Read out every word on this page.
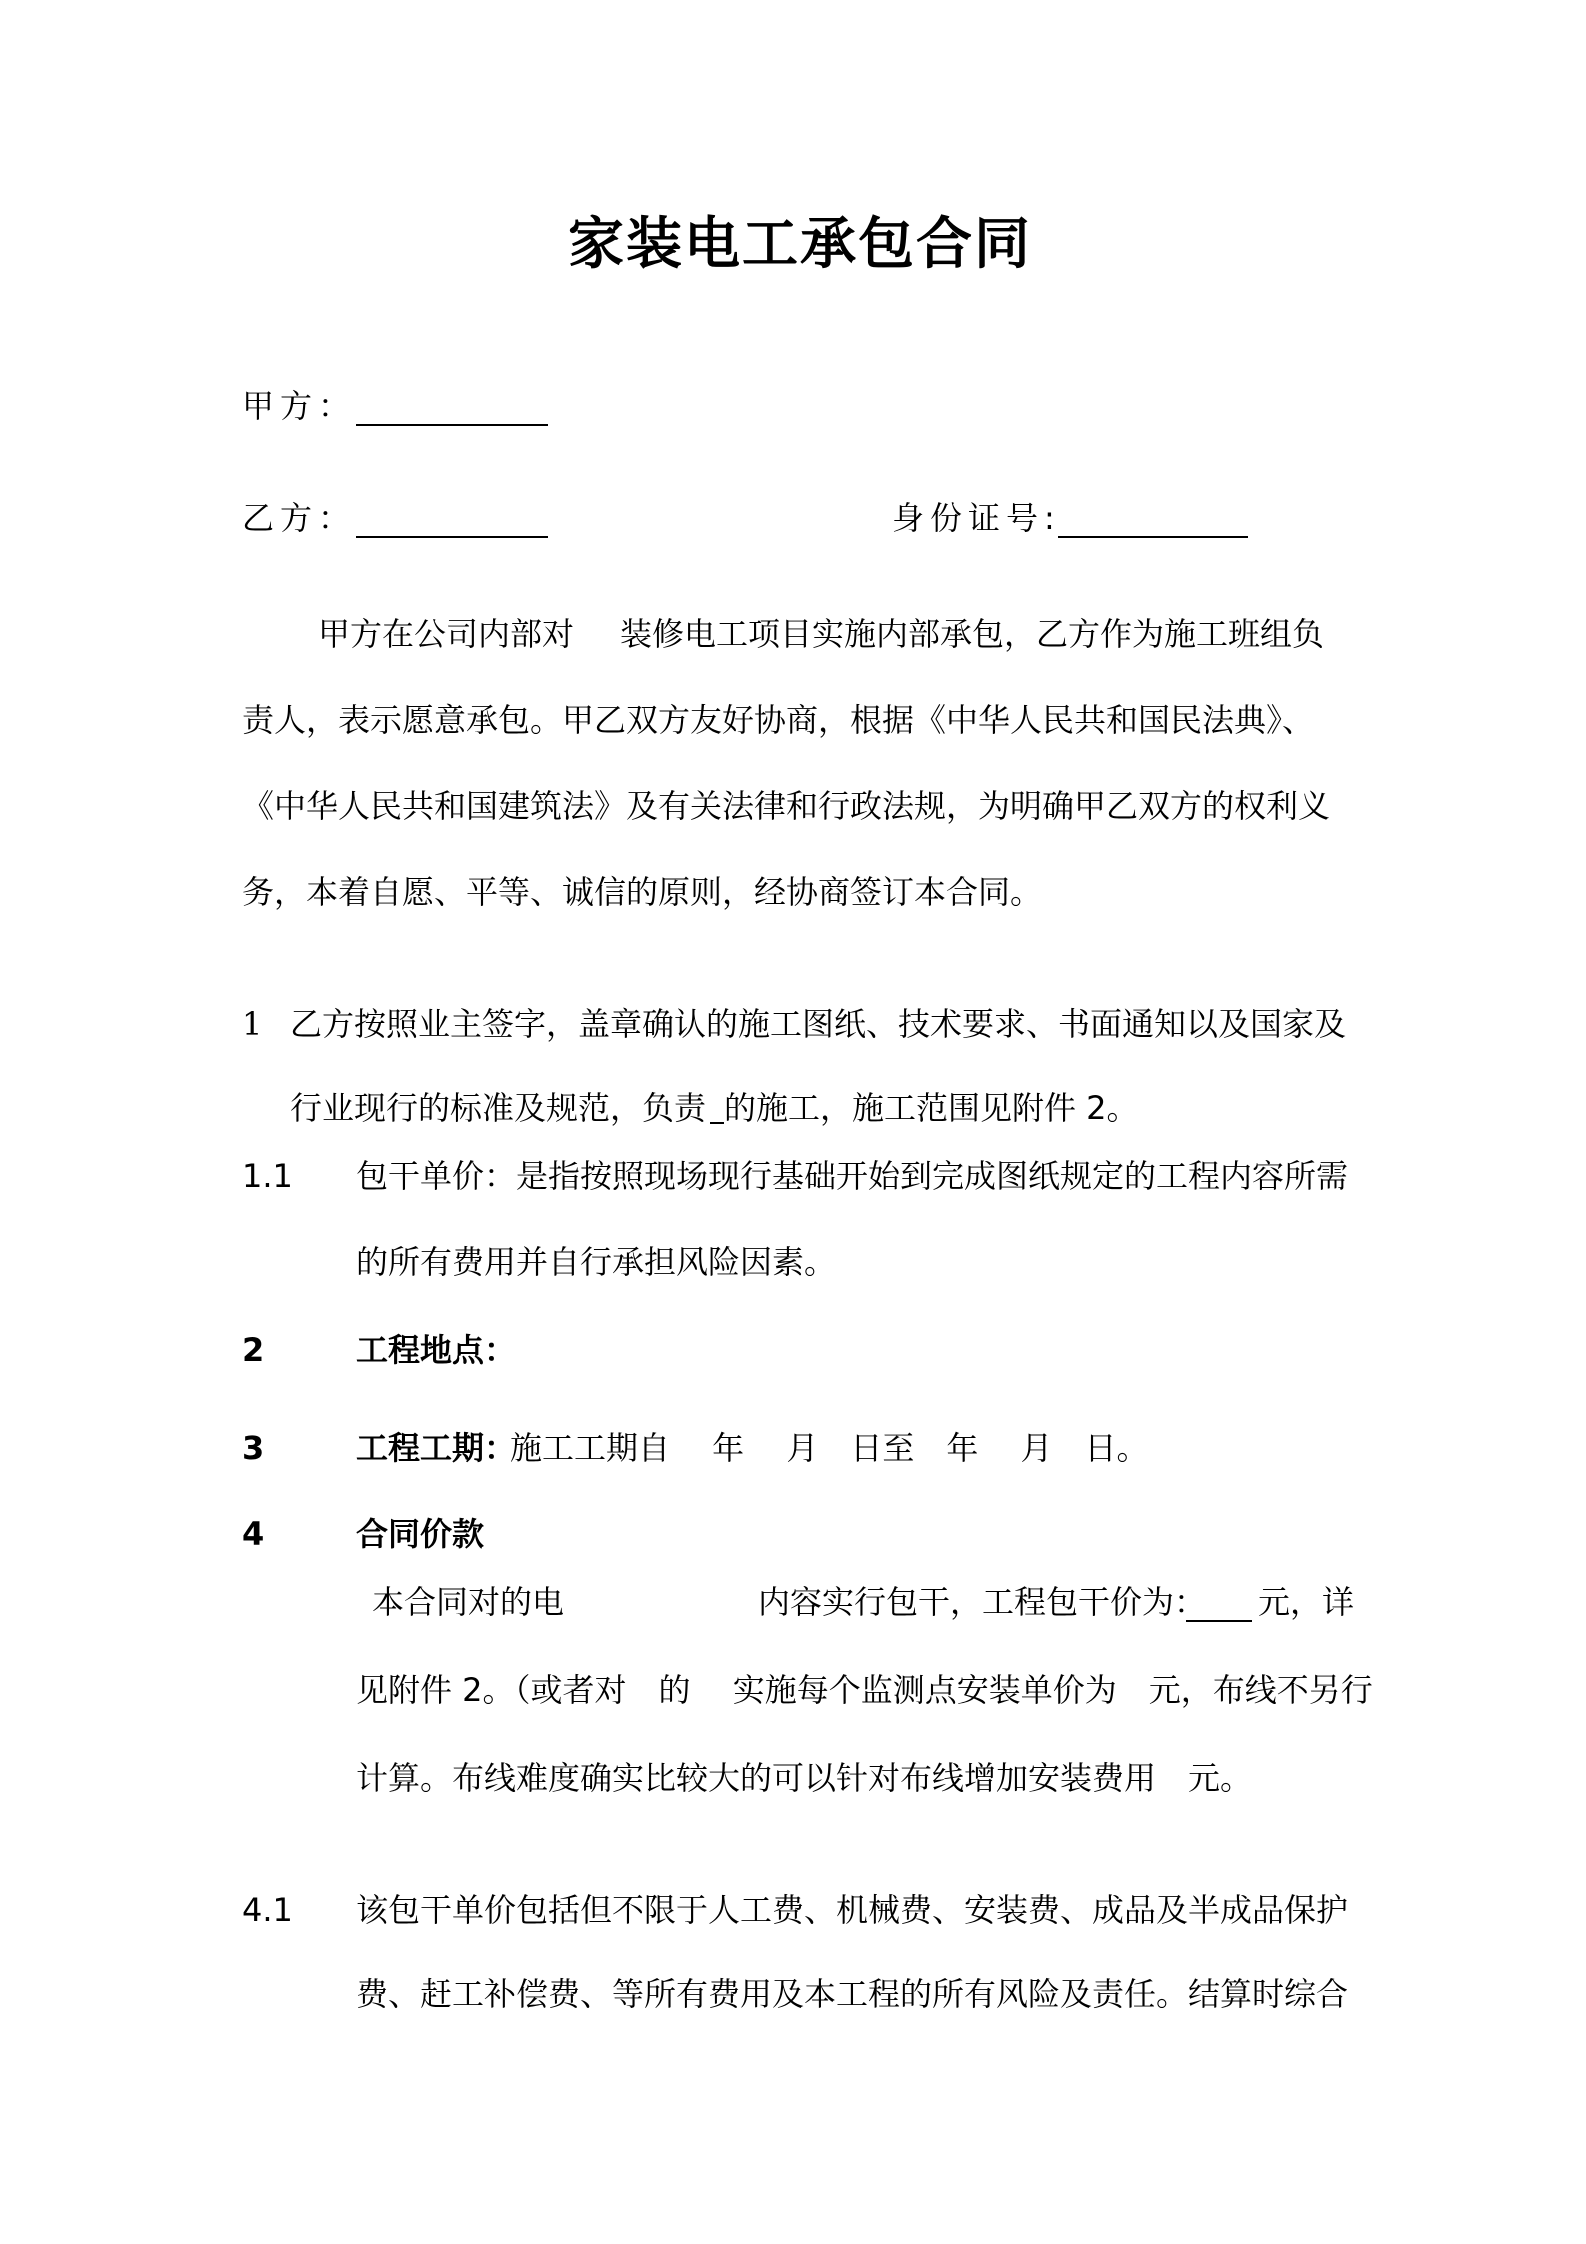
家装电工承包合同
甲方：
乙方：	身份证号:
甲方在公司内部对 装修电工项目实施内部承包，乙方作为施工班组负
责人，表示愿意承包。甲乙双方友好协商，根据《中华人民共和国民法典》、
《中华人民共和国建筑法》及有关法律和行政法规，为明确甲乙双方的权利义
务，本着自愿、平等、诚信的原则，经协商签订本合同。
1 乙方按照业主签字，盖章确认的施工图纸、技术要求、书面通知以及国家及
行业现行的标准及规范，负责 的施工，施工范围见附件 2。
1.1 包干单价：是指按照现场现行基础开始到完成图纸规定的工程内容所需
的所有费用并自行承担风险因素。
2	工程地点：
3	工程工期：
施工工期自　 年　 月　日至　年　 月　日。
4	合同价款
本合同对的电	内容实行包干，工程包干价为： 元，详
见附件 2。（或者对　的　 实施每个监测点安装单价为　元，布线不另行
计算。布线难度确实比较大的可以针对布线增加安装费用　元。
4.1 该包干单价包括但不限于人工费、机械费、安装费、成品及半成品保护
费、赶工补偿费、等所有费用及本工程的所有风险及责任。结算时综合
